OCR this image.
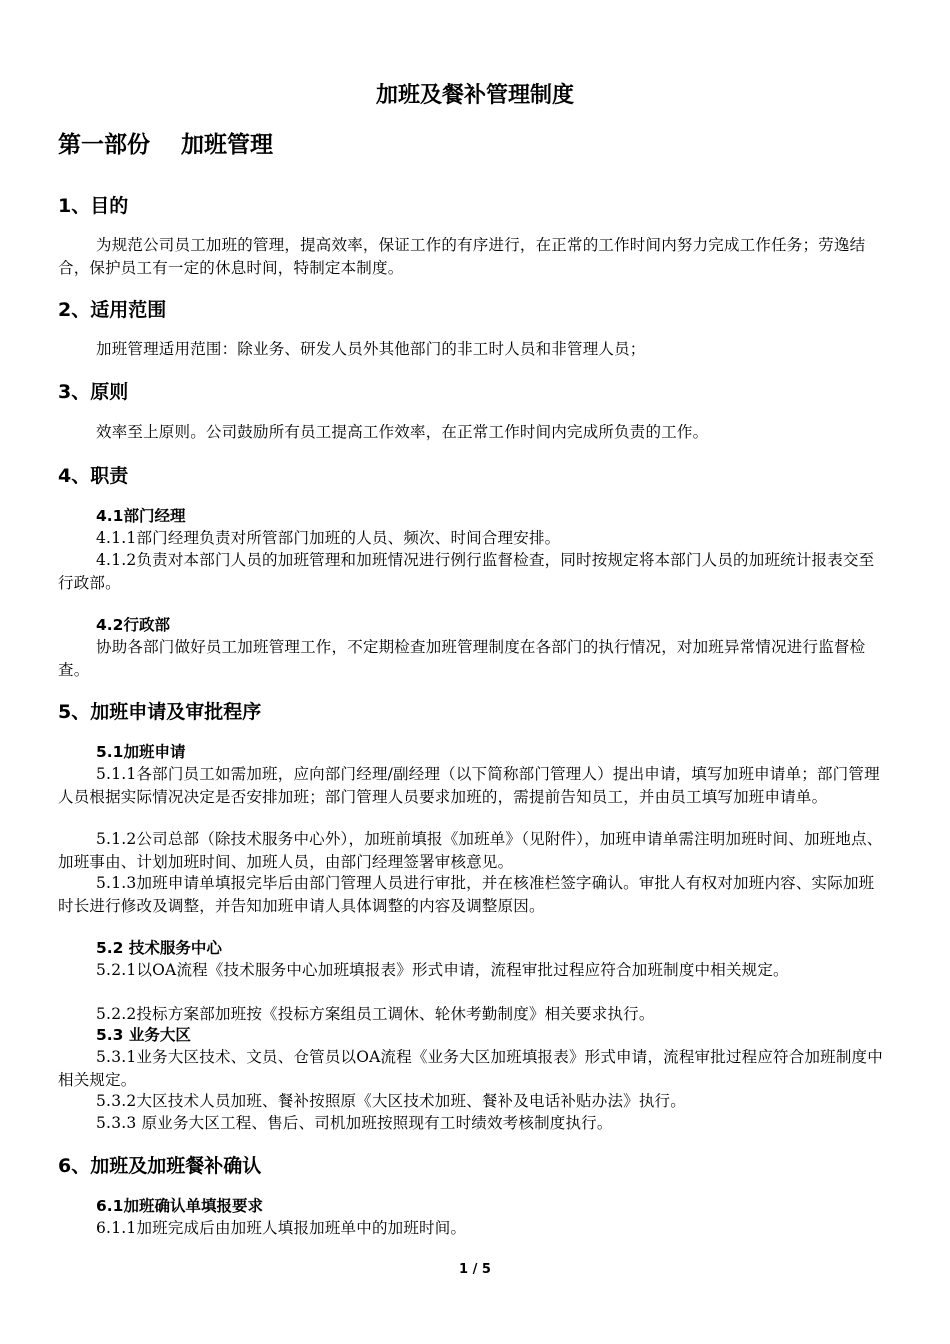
加班及餐补管理制度
第一部份　 加班管理
1、目的
为规范公司员工加班的管理，提高效率，保证工作的有序进行，在正常的工作时间内努力完成工作任务；劳逸结合，保护员工有一定的休息时间，特制定本制度。
2、适用范围
加班管理适用范围：除业务、研发人员外其他部门的非工时人员和非管理人员；
3、原则
效率至上原则。公司鼓励所有员工提高工作效率，在正常工作时间内完成所负责的工作。
4、职责
4.1部门经理
4.1.1部门经理负责对所管部门加班的人员、频次、时间合理安排。
4.1.2负责对本部门人员的加班管理和加班情况进行例行监督检查，同时按规定将本部门人员的加班统计报表交至行政部。
4.2行政部
协助各部门做好员工加班管理工作，不定期检查加班管理制度在各部门的执行情况，对加班异常情况进行监督检查。
5、加班申请及审批程序
5.1加班申请
5.1.1各部门员工如需加班，应向部门经理/副经理（以下简称部门管理人）提出申请，填写加班申请单；部门管理人员根据实际情况决定是否安排加班；部门管理人员要求加班的，需提前告知员工，并由员工填写加班申请单。
5.1.2公司总部（除技术服务中心外），加班前填报《加班单》（见附件），加班申请单需注明加班时间、加班地点、加班事由、计划加班时间、加班人员，由部门经理签署审核意见。
5.1.3加班申请单填报完毕后由部门管理人员进行审批，并在核准栏签字确认。审批人有权对加班内容、实际加班时长进行修改及调整，并告知加班申请人具体调整的内容及调整原因。
5.2 技术服务中心
5.2.1以OA流程《技术服务中心加班填报表》形式申请，流程审批过程应符合加班制度中相关规定。
5.2.2投标方案部加班按《投标方案组员工调休、轮休考勤制度》相关要求执行。
5.3 业务大区
5.3.1业务大区技术、文员、仓管员以OA流程《业务大区加班填报表》形式申请，流程审批过程应符合加班制度中相关规定。
5.3.2大区技术人员加班、餐补按照原《大区技术加班、餐补及电话补贴办法》执行。
5.3.3 原业务大区工程、售后、司机加班按照现有工时绩效考核制度执行。
6、加班及加班餐补确认
6.1加班确认单填报要求
6.1.1加班完成后由加班人填报加班单中的加班时间。
1 / 5
